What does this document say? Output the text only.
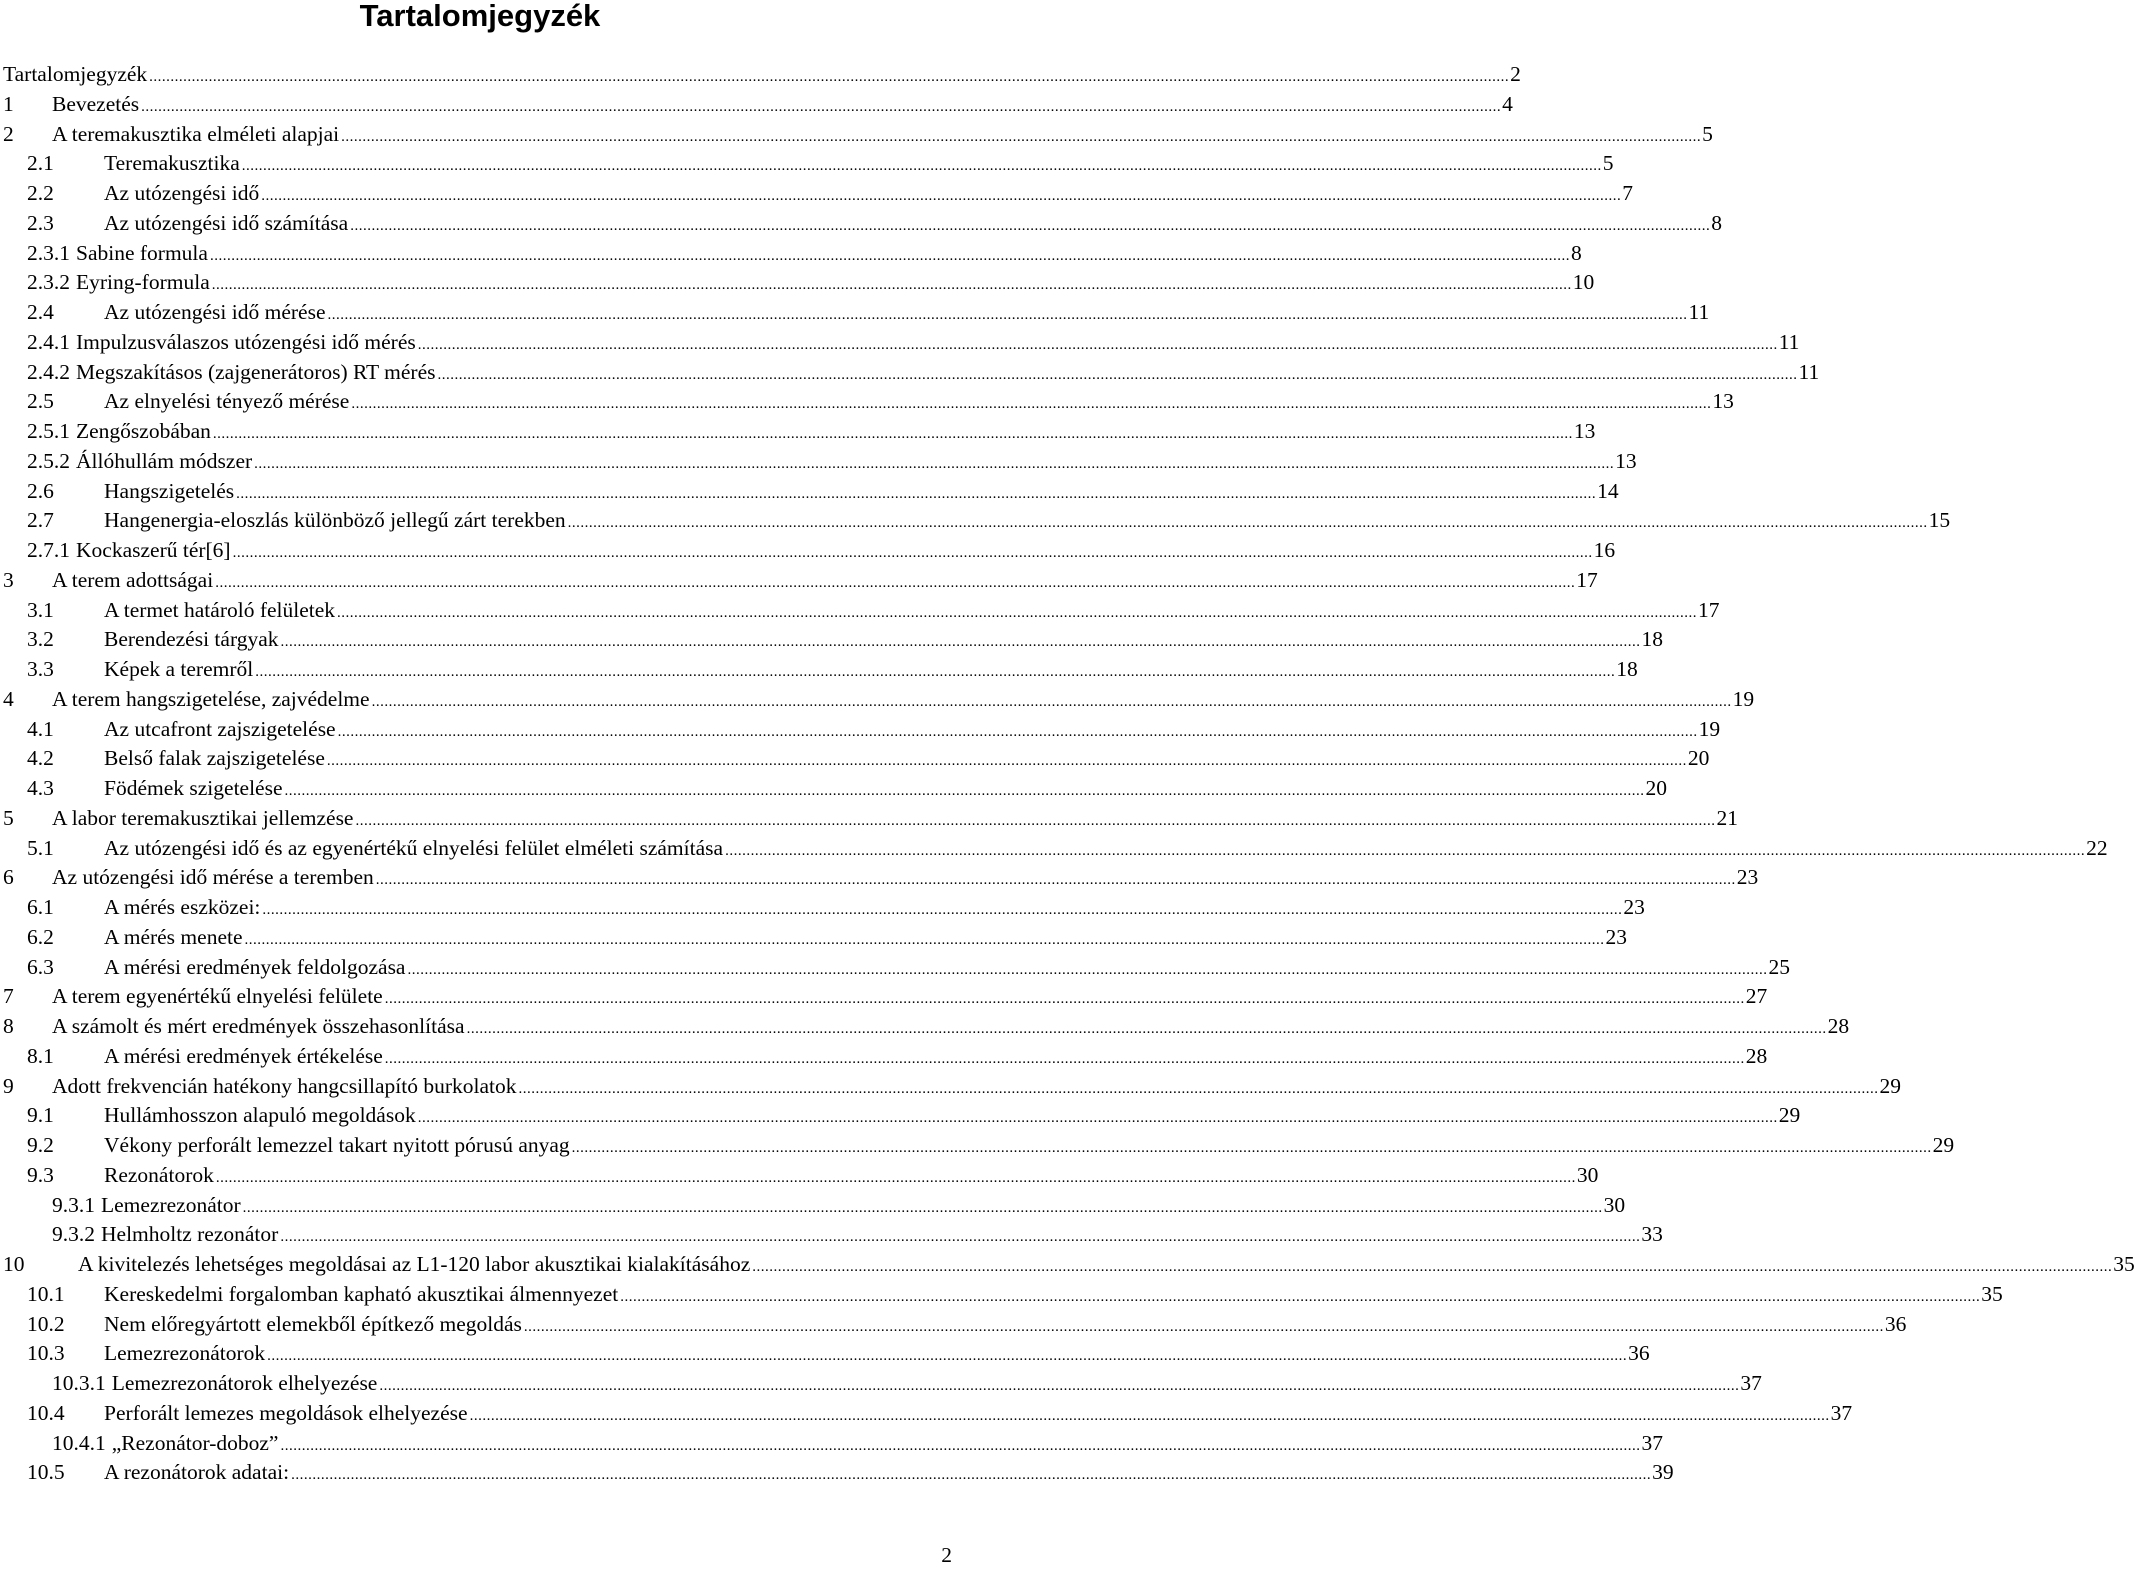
Tartalomjegyzék
Tartalomjegyzék .....	2
1	Bevezetés .....	4
2	A teremakusztika elméleti alapjai .....	5
2.1	Teremakusztika .....	5
2.2	Az utózengési idő .....	7
2.3	Az utózengési idő számítása .....	8
2.3.1 Sabine formula .....	8
2.3.2 Eyring-formula .....	10
2.4	Az utózengési idő mérése .....	11
2.4.1 Impulzusválaszos utózengési idő mérés .....	11
2.4.2 Megszakításos (zajgenerátoros) RT mérés .....	11
2.5	Az elnyelési tényező mérése .....	13
2.5.1 Zengőszobában .....	13
2.5.2 Állóhullám módszer .....	13
2.6	Hangszigetelés .....	14
2.7	Hangenergia-eloszlás különböző jellegű zárt terekben .....	15
2.7.1 Kockaszerű tér[6] .....	16
3	A terem adottságai .....	17
3.1	A termet határoló felületek .....	17
3.2	Berendezési tárgyak .....	18
3.3	Képek a teremről .....	18
4	A terem hangszigetelése, zajvédelme .....	19
4.1	Az utcafront zajszigetelése .....	19
4.2	Belső falak zajszigetelése .....	20
4.3	Födémek szigetelése .....	20
5	A labor teremakusztikai jellemzése .....	21
5.1	Az utózengési idő és az egyenértékű elnyelési felület elméleti számítása .....	22
6	Az utózengési idő mérése a teremben .....	23
6.1	A mérés eszközei: .....	23
6.2	A mérés menete .....	23
6.3	A mérési eredmények feldolgozása .....	25
7	A terem egyenértékű elnyelési felülete .....	27
8	A számolt és mért eredmények összehasonlítása .....	28
8.1	A mérési eredmények értékelése .....	28
9	Adott frekvencián hatékony hangcsillapító burkolatok .....	29
9.1	Hullámhosszon alapuló megoldások .....	29
9.2	Vékony perforált lemezzel takart nyitott pórusú anyag .....	29
9.3	Rezonátorok .....	30
9.3.1 Lemezrezonátor .....	30
9.3.2 Helmholtz rezonátor .....	33
10	A kivitelezés lehetséges megoldásai az L1-120 labor akusztikai kialakításához .....	35
10.1	Kereskedelmi forgalomban kapható akusztikai álmennyezet .....	35
10.2	Nem előregyártott elemekből építkező megoldás .....	36
10.3	Lemezrezonátorok .....	36
10.3.1 Lemezrezonátorok elhelyezése .....	37
10.4	Perforált lemezes megoldások elhelyezése .....	37
10.4.1 „Rezonátor-doboz” .....	37
10.5	A rezonátorok adatai: .....	39
2
